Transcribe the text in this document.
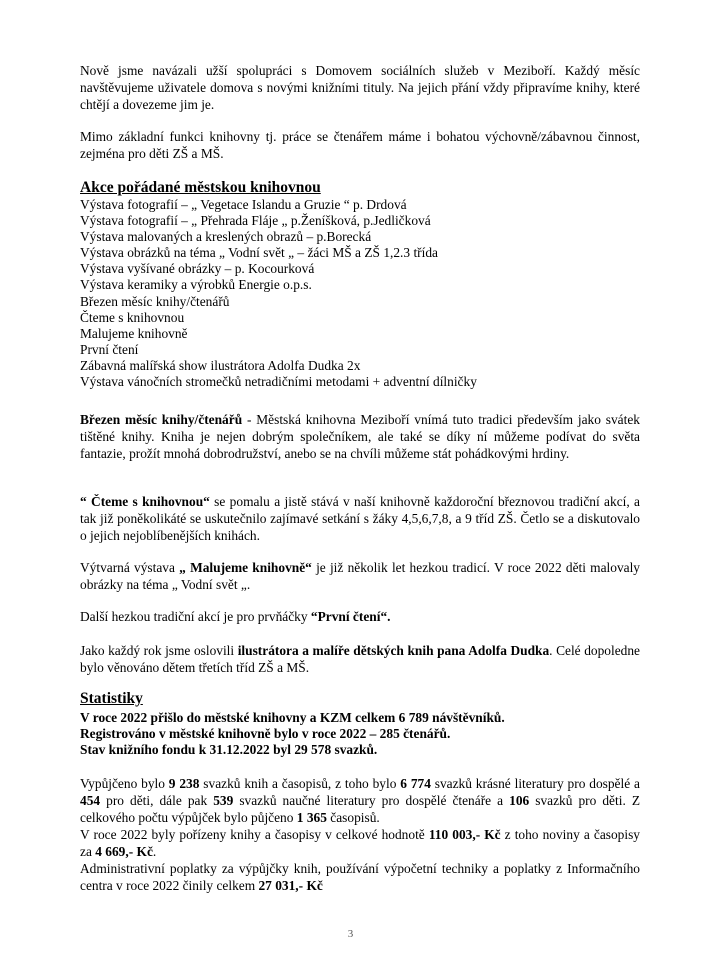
Nově jsme navázali užší spolupráci s Domovem sociálních služeb v Meziboří. Každý měsíc navštěvujeme uživatele domova s novými knižními tituly. Na jejich přání vždy připravíme knihy, které chtějí a dovezeme jim je.

Mimo základní funkci knihovny tj. práce se čtenářem máme i bohatou výchovně/zábavnou činnost, zejména pro děti ZŠ a MŠ.

Akce pořádané městskou knihovnou
Výstava fotografií – „ Vegetace Islandu a Gruzie “ p. Drdová
Výstava fotografií – „ Přehrada Fláje „ p.Ženíšková, p.Jedličková
Výstava malovaných a kreslených obrazů – p.Borecká
Výstava obrázků na téma „ Vodní svět „ – žáci MŠ a ZŠ 1,2.3 třída
Výstava vyšívané obrázky – p. Kocourková
Výstava keramiky a výrobků Energie o.p.s.
Březen měsíc knihy/čtenářů
Čteme s knihovnou
Malujeme knihovně
První čtení
Zábavná malířská show ilustrátora Adolfa Dudka 2x
Výstava vánočních stromečků netradičními metodami + adventní dílničky

Březen měsíc knihy/čtenářů - Městská knihovna Meziboří vnímá tuto tradici především jako svátek tištěné knihy. Kniha je nejen dobrým společníkem, ale také se díky ní můžeme podívat do světa fantazie, prožít mnohá dobrodružství, anebo se na chvíli můžeme stát pohádkovými hrdiny.

“ Čteme s knihovnou“ se pomalu a jistě stává v naší knihovně každoroční březnovou tradiční akcí, a tak již poněkolikáté se uskutečnilo zajímavé setkání s žáky 4,5,6,7,8, a 9 tříd ZŠ. Četlo se a diskutovalo o jejich nejoblíbenějších knihách.

Výtvarná výstava „ Malujeme knihovně“ je již několik let hezkou tradicí. V roce 2022 děti malovaly obrázky na téma „ Vodní svět „.

Další hezkou tradiční akcí je pro prvňáčky “První čtení“.

Jako každý rok jsme oslovili ilustrátora a malíře dětských knih pana Adolfa Dudka. Celé dopoledne bylo věnováno dětem třetích tříd ZŠ a MŠ.

Statistiky
V roce 2022 přišlo do městské knihovny a KZM celkem 6 789 návštěvníků.
Registrováno v městské knihovně bylo v roce 2022 – 285 čtenářů.
Stav knižního fondu k 31.12.2022 byl 29 578 svazků.

Vypůjčeno bylo 9 238 svazků knih a časopisů, z toho bylo 6 774 svazků krásné literatury pro dospělé a 454 pro děti, dále pak 539 svazků naučné literatury pro dospělé čtenáře a 106 svazků pro děti. Z celkového počtu výpůjček bylo půjčeno 1 365 časopisů.

V roce 2022 byly pořízeny knihy a časopisy v celkové hodnotě 110 003,- Kč z toho noviny a časopisy za 4 669,- Kč.

Administrativní poplatky za výpůjčky knih, používání výpočetní techniky a poplatky z Informačního centra v roce 2022 činily celkem 27 031,- Kč

3
